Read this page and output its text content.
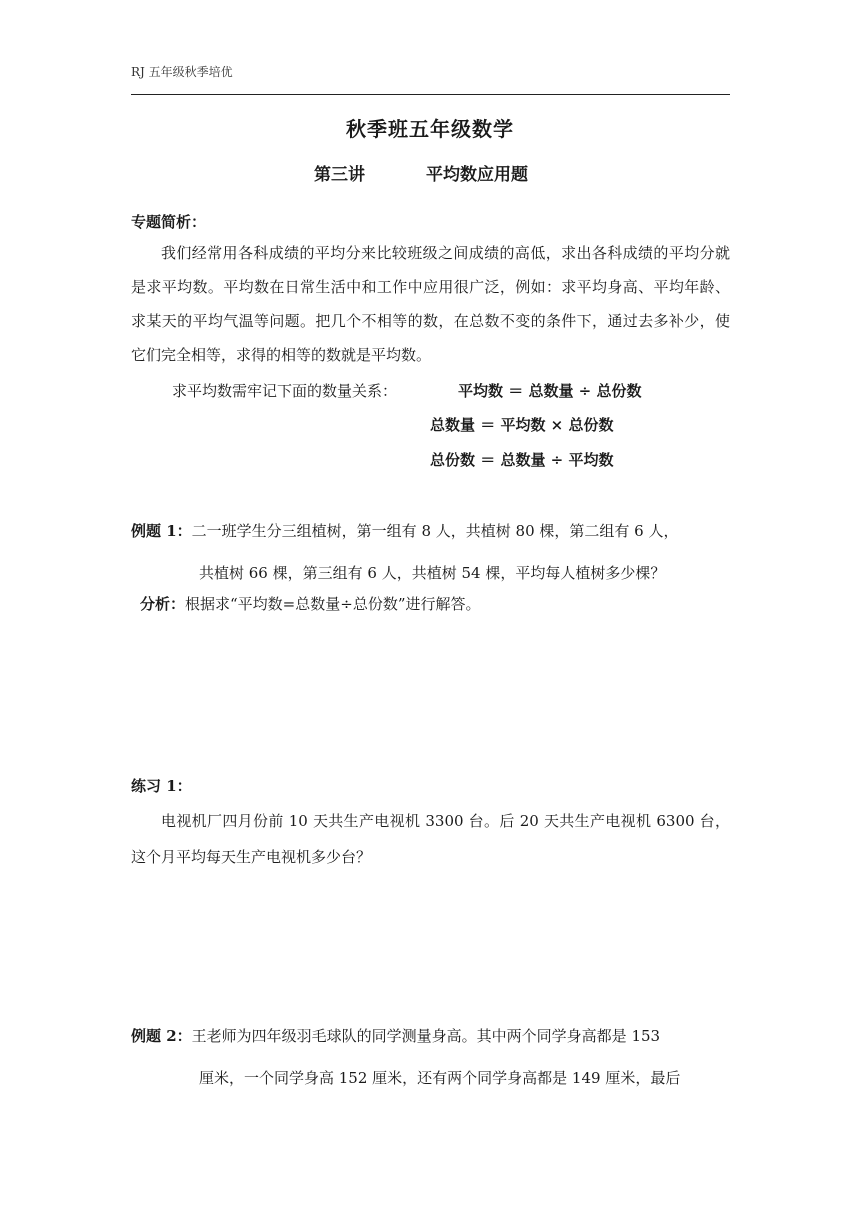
RJ 五年级秋季培优
秋季班五年级数学
第三讲	平均数应用题
专题简析：

我们经常用各科成绩的平均分来比较班级之间成绩的高低，求出各科成绩的平均分就是求平均数。平均数在日常生活中和工作中应用很广泛，例如：求平均身高、平均年龄、求某天的平均气温等问题。把几个不相等的数，在总数不变的条件下，通过去多补少，使它们完全相等，求得的相等的数就是平均数。

求平均数需牢记下面的数量关系：	平均数 ＝ 总数量 ÷ 总份数
总数量 ＝ 平均数 × 总份数
总份数 ＝ 总数量 ÷ 平均数
例题 1：二一班学生分三组植树，第一组有 8 人，共植树 80 棵，第二组有 6 人，
共植树 66 棵，第三组有 6 人，共植树 54 棵，平均每人植树多少棵？
分析：根据求“平均数=总数量÷总份数”进行解答。
练习 1：

电视机厂四月份前 10 天共生产电视机 3300 台。后 20 天共生产电视机 6300 台，这个月平均每天生产电视机多少台？

例题 2：王老师为四年级羽毛球队的同学测量身高。其中两个同学身高都是 153
厘米，一个同学身高 152 厘米，还有两个同学身高都是 149 厘米，最后
